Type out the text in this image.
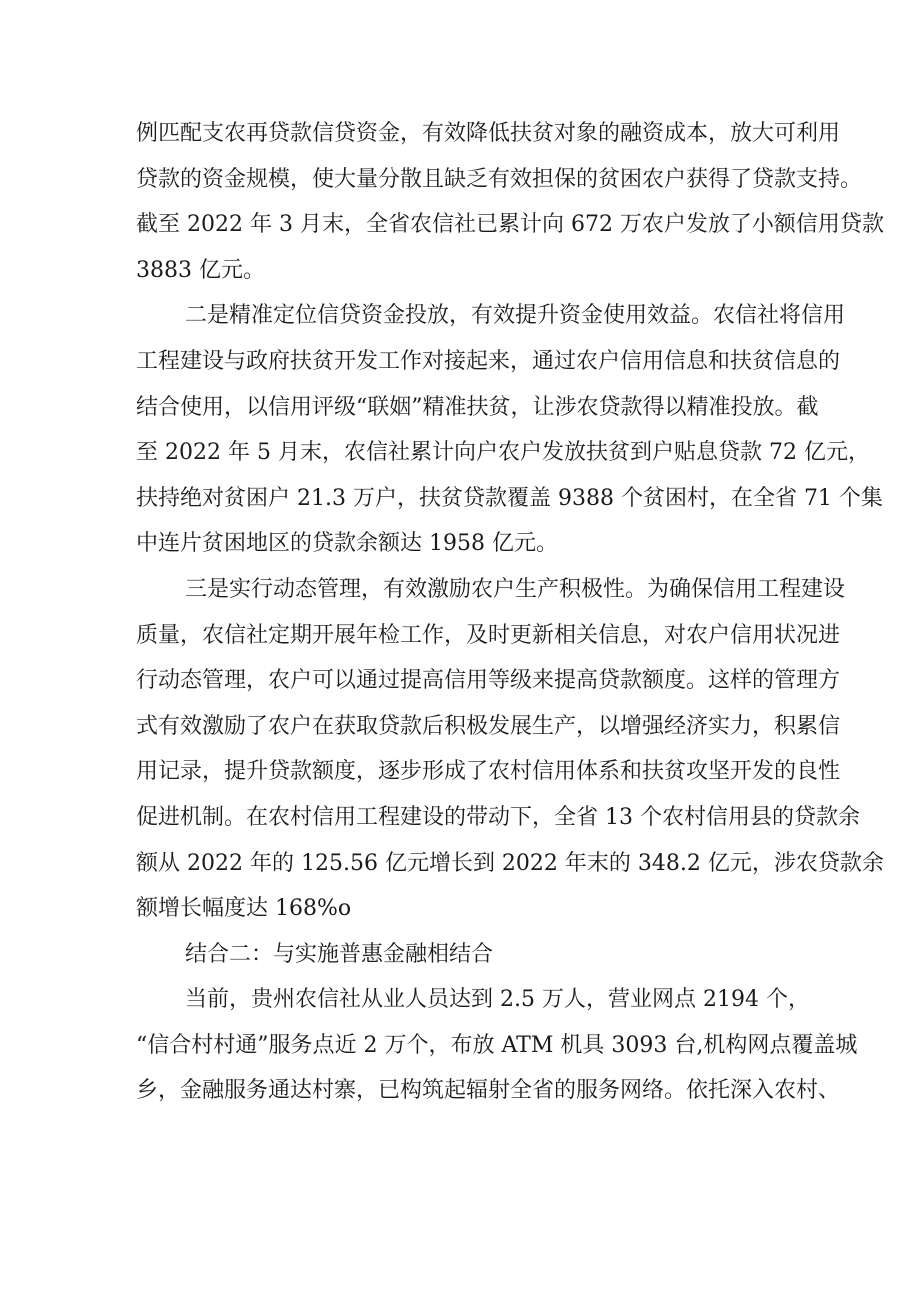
例匹配支农再贷款信贷资金，有效降低扶贫对象的融资成本，放大可利用
贷款的资金规模，使大量分散且缺乏有效担保的贫困农户获得了贷款支持。
截至 2022 年 3 月末，全省农信社已累计向 672 万农户发放了小额信用贷款
3883 亿元。
二是精准定位信贷资金投放，有效提升资金使用效益。农信社将信用
工程建设与政府扶贫开发工作对接起来，通过农户信用信息和扶贫信息的
结合使用，以信用评级“联姻”精准扶贫，让涉农贷款得以精准投放。截
至 2022 年 5 月末，农信社累计向户农户发放扶贫到户贴息贷款 72 亿元，
扶持绝对贫困户 21.3 万户，扶贫贷款覆盖 9388 个贫困村，在全省 71 个集
中连片贫困地区的贷款余额达 1958 亿元。
三是实行动态管理，有效激励农户生产积极性。为确保信用工程建设
质量，农信社定期开展年检工作，及时更新相关信息，对农户信用状况进
行动态管理，农户可以通过提高信用等级来提高贷款额度。这样的管理方
式有效激励了农户在获取贷款后积极发展生产，以增强经济实力，积累信
用记录，提升贷款额度，逐步形成了农村信用体系和扶贫攻坚开发的良性
促进机制。在农村信用工程建设的带动下，全省 13 个农村信用县的贷款余
额从 2022 年的 125.56 亿元增长到 2022 年末的 348.2 亿元，涉农贷款余
额增长幅度达 168%o
结合二：与实施普惠金融相结合
当前，贵州农信社从业人员达到 2.5 万人，营业网点 2194 个，
“信合村村通”服务点近 2 万个，布放 ATM 机具 3093 台,机构网点覆盖城
乡，金融服务通达村寨，已构筑起辐射全省的服务网络。依托深入农村、
